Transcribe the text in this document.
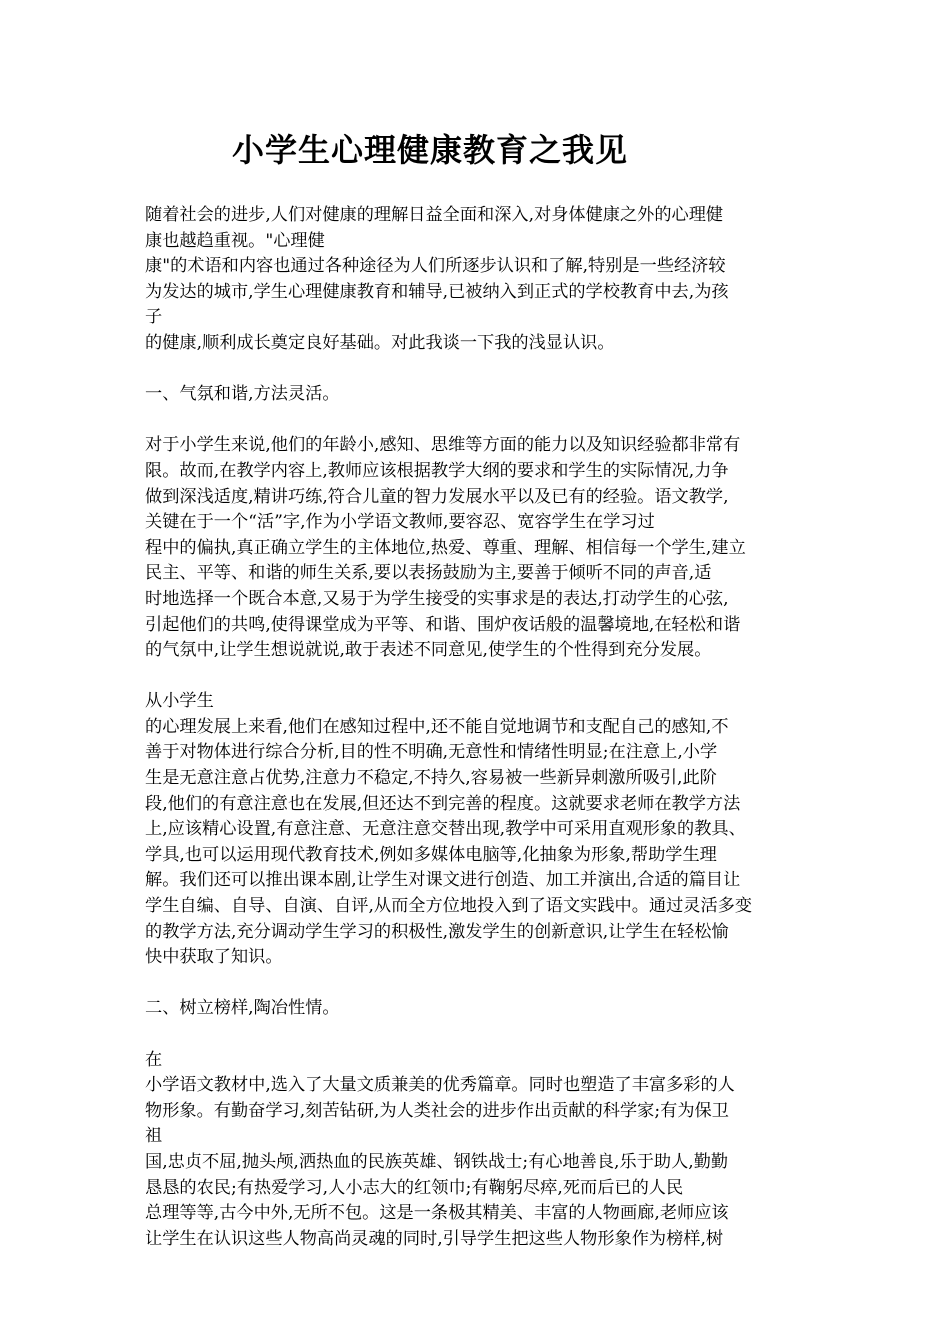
小学生心理健康教育之我见
随着社会的进步,人们对健康的理解日益全面和深入,对身体健康之外的心理健
康也越趋重视。"心理健
康"的术语和内容也通过各种途径为人们所逐步认识和了解,特别是一些经济较
为发达的城市,学生心理健康教育和辅导,已被纳入到正式的学校教育中去,为孩
子
的健康,顺利成长奠定良好基础。对此我谈一下我的浅显认识。
一、气氛和谐,方法灵活。
对于小学生来说,他们的年龄小,感知、思维等方面的能力以及知识经验都非常有
限。故而,在教学内容上,教师应该根据教学大纲的要求和学生的实际情况,力争
做到深浅适度,精讲巧练,符合儿童的智力发展水平以及已有的经验。语文教学,
关键在于一个“活”字,作为小学语文教师,要容忍、宽容学生在学习过
程中的偏执,真正确立学生的主体地位,热爱、尊重、理解、相信每一个学生,建立
民主、平等、和谐的师生关系,要以表扬鼓励为主,要善于倾听不同的声音,适
时地选择一个既合本意,又易于为学生接受的实事求是的表达,打动学生的心弦,
引起他们的共鸣,使得课堂成为平等、和谐、围炉夜话般的温馨境地,在轻松和谐
的气氛中,让学生想说就说,敢于表述不同意见,使学生的个性得到充分发展。
从小学生
的心理发展上来看,他们在感知过程中,还不能自觉地调节和支配自己的感知,不
善于对物体进行综合分析,目的性不明确,无意性和情绪性明显;在注意上,小学
生是无意注意占优势,注意力不稳定,不持久,容易被一些新异刺激所吸引,此阶
段,他们的有意注意也在发展,但还达不到完善的程度。这就要求老师在教学方法
上,应该精心设置,有意注意、无意注意交替出现,教学中可采用直观形象的教具、
学具,也可以运用现代教育技术,例如多媒体电脑等,化抽象为形象,帮助学生理
解。我们还可以推出课本剧,让学生对课文进行创造、加工并演出,合适的篇目让
学生自编、自导、自演、自评,从而全方位地投入到了语文实践中。通过灵活多变
的教学方法,充分调动学生学习的积极性,激发学生的创新意识,让学生在轻松愉
快中获取了知识。
二、树立榜样,陶冶性情。
在
小学语文教材中,选入了大量文质兼美的优秀篇章。同时也塑造了丰富多彩的人
物形象。有勤奋学习,刻苦钻研,为人类社会的进步作出贡献的科学家;有为保卫
祖
国,忠贞不屈,抛头颅,洒热血的民族英雄、钢铁战士;有心地善良,乐于助人,勤勤
恳恳的农民;有热爱学习,人小志大的红领巾;有鞠躬尽瘁,死而后已的人民
总理等等,古今中外,无所不包。这是一条极其精美、丰富的人物画廊,老师应该
让学生在认识这些人物高尚灵魂的同时,引导学生把这些人物形象作为榜样,树
